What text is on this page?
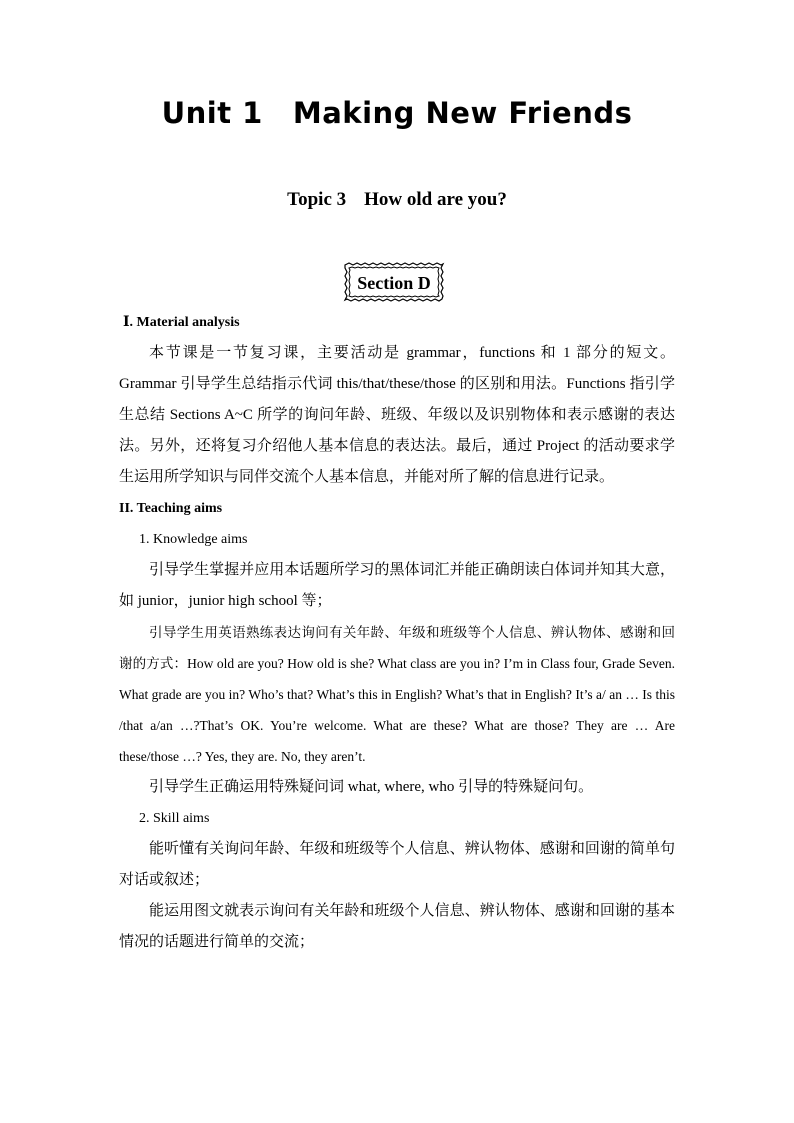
Unit 1 Making New Friends
Topic 3 How old are you?
Section D

Ⅰ. Material analysis

本节课是一节复习课，主要活动是 grammar，functions 和 1 部分的短文。Grammar 引导学生总结指示代词 this/that/these/those 的区别和用法。Functions 指引学生总结 Sections A~C 所学的询问年龄、班级、年级以及识别物体和表示感谢的表达法。另外，还将复习介绍他人基本信息的表达法。最后，通过 Project 的活动要求学生运用所学知识与同伴交流个人基本信息，并能对所了解的信息进行记录。

II. Teaching aims

1. Knowledge aims

引导学生掌握并应用本话题所学习的黑体词汇并能正确朗读白体词并知其大意，如 junior，junior high school 等；

引导学生用英语熟练表达询问有关年龄、年级和班级等个人信息、辨认物体、感谢和回谢的方式：How old are you? How old is she? What class are you in? I’m in Class four, Grade Seven. What grade are you in? Who’s that? What’s this in English? What’s that in English? It’s a/ an … Is this /that a/an …?That’s OK. You’re welcome. What are these? What are those? They are … Are these/those …? Yes, they are. No, they aren’t.

引导学生正确运用特殊疑问词 what, where, who 引导的特殊疑问句。

2. Skill aims

能听懂有关询问年龄、年级和班级等个人信息、辨认物体、感谢和回谢的简单句对话或叙述；

能运用图文就表示询问有关年龄和班级个人信息、辨认物体、感谢和回谢的基本情况的话题进行简单的交流；
